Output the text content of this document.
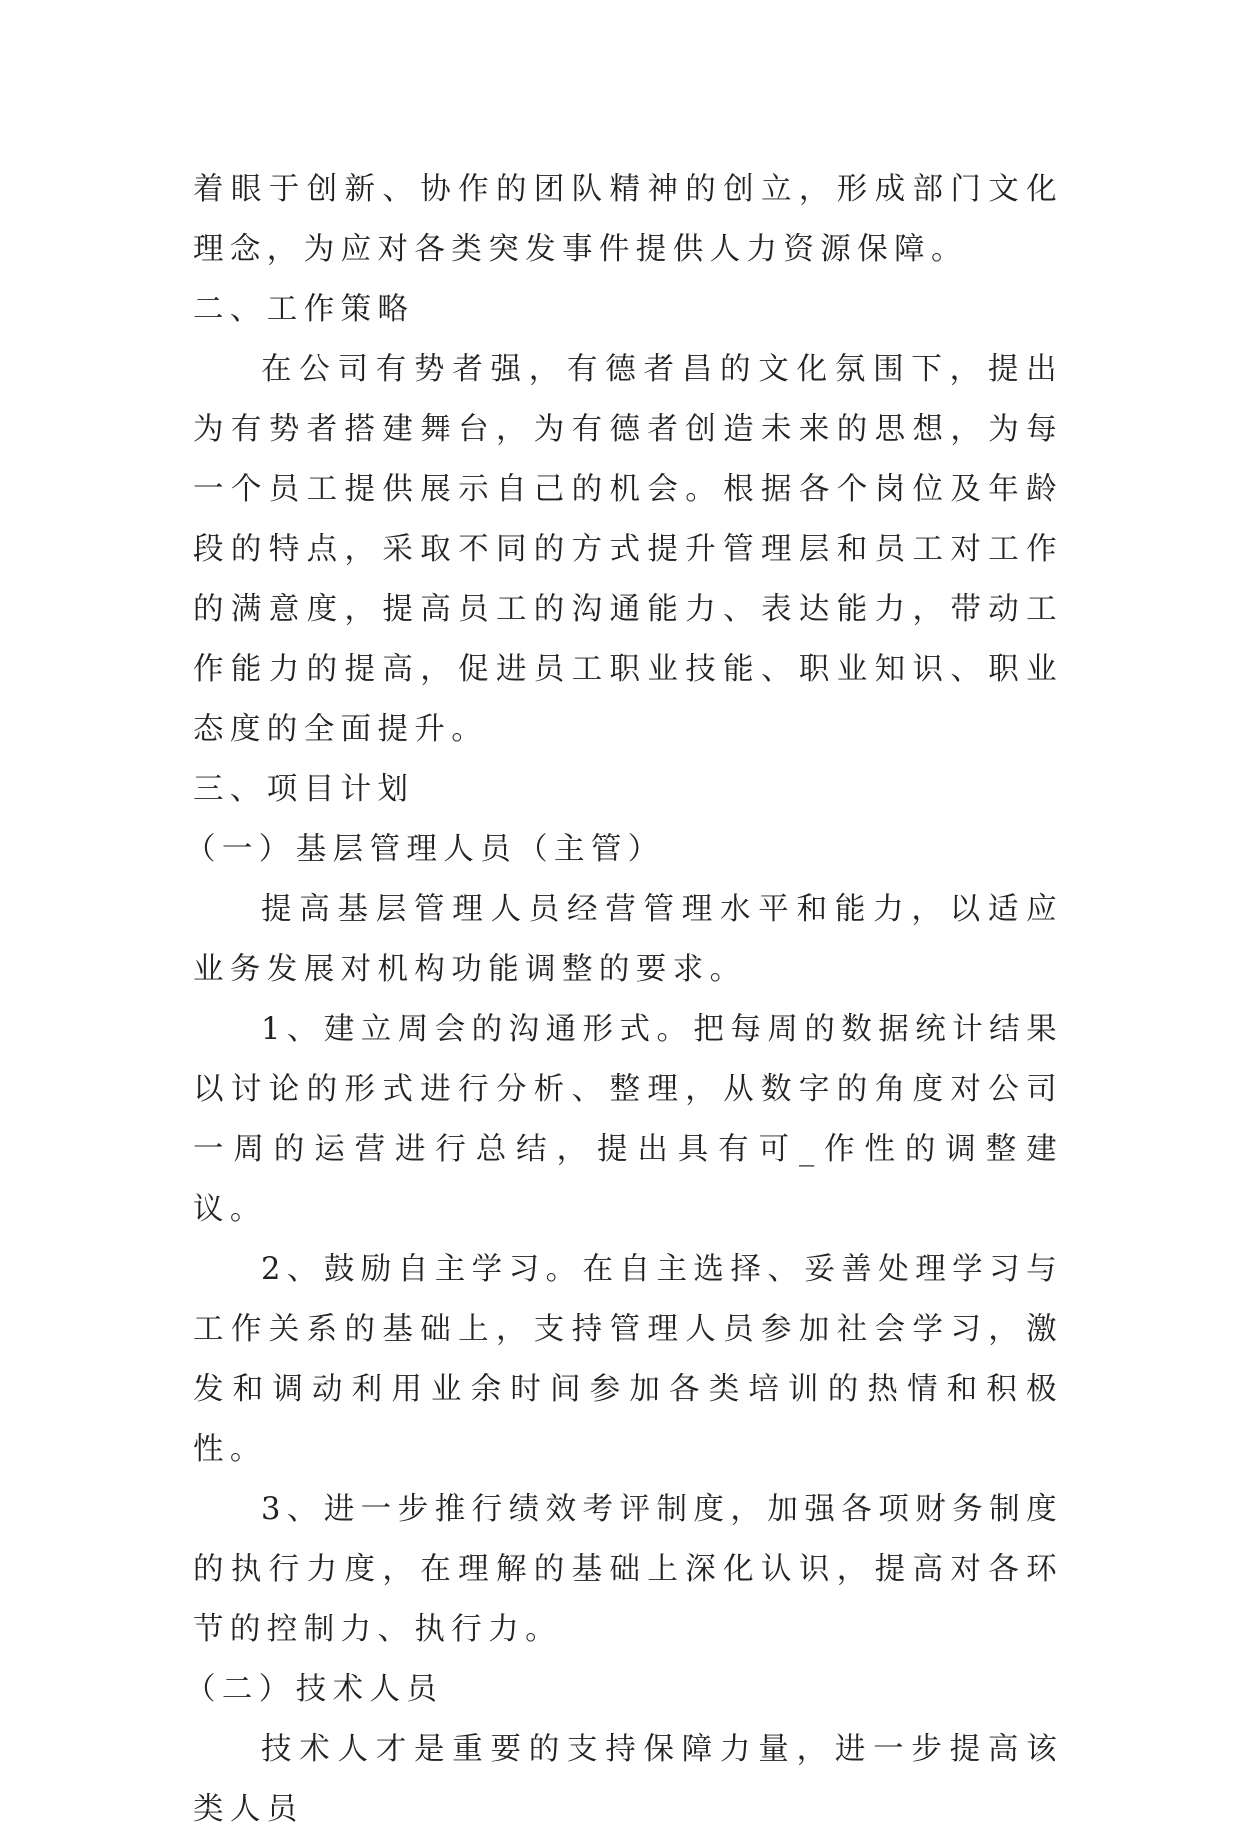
着眼于创新、协作的团队精神的创立，形成部门文化理念，为应对各类突发事件提供人力资源保障。

二、工作策略

在公司有势者强，有德者昌的文化氛围下，提出为有势者搭建舞台，为有德者创造未来的思想，为每一个员工提供展示自己的机会。根据各个岗位及年龄段的特点，采取不同的方式提升管理层和员工对工作的满意度，提高员工的沟通能力、表达能力，带动工作能力的提高，促进员工职业技能、职业知识、职业态度的全面提升。

三、项目计划

（一）基层管理人员（主管）

提高基层管理人员经营管理水平和能力，以适应业务发展对机构功能调整的要求。

1、建立周会的沟通形式。把每周的数据统计结果以讨论的形式进行分析、整理，从数字的角度对公司一周的运营进行总结，提出具有可_作性的调整建议。

2、鼓励自主学习。在自主选择、妥善处理学习与工作关系的基础上，支持管理人员参加社会学习，激发和调动利用业余时间参加各类培训的热情和积极性。

3、进一步推行绩效考评制度，加强各项财务制度的执行力度，在理解的基础上深化认识，提高对各环节的控制力、执行力。

（二）技术人员

技术人才是重要的支持保障力量，进一步提高该类人员
